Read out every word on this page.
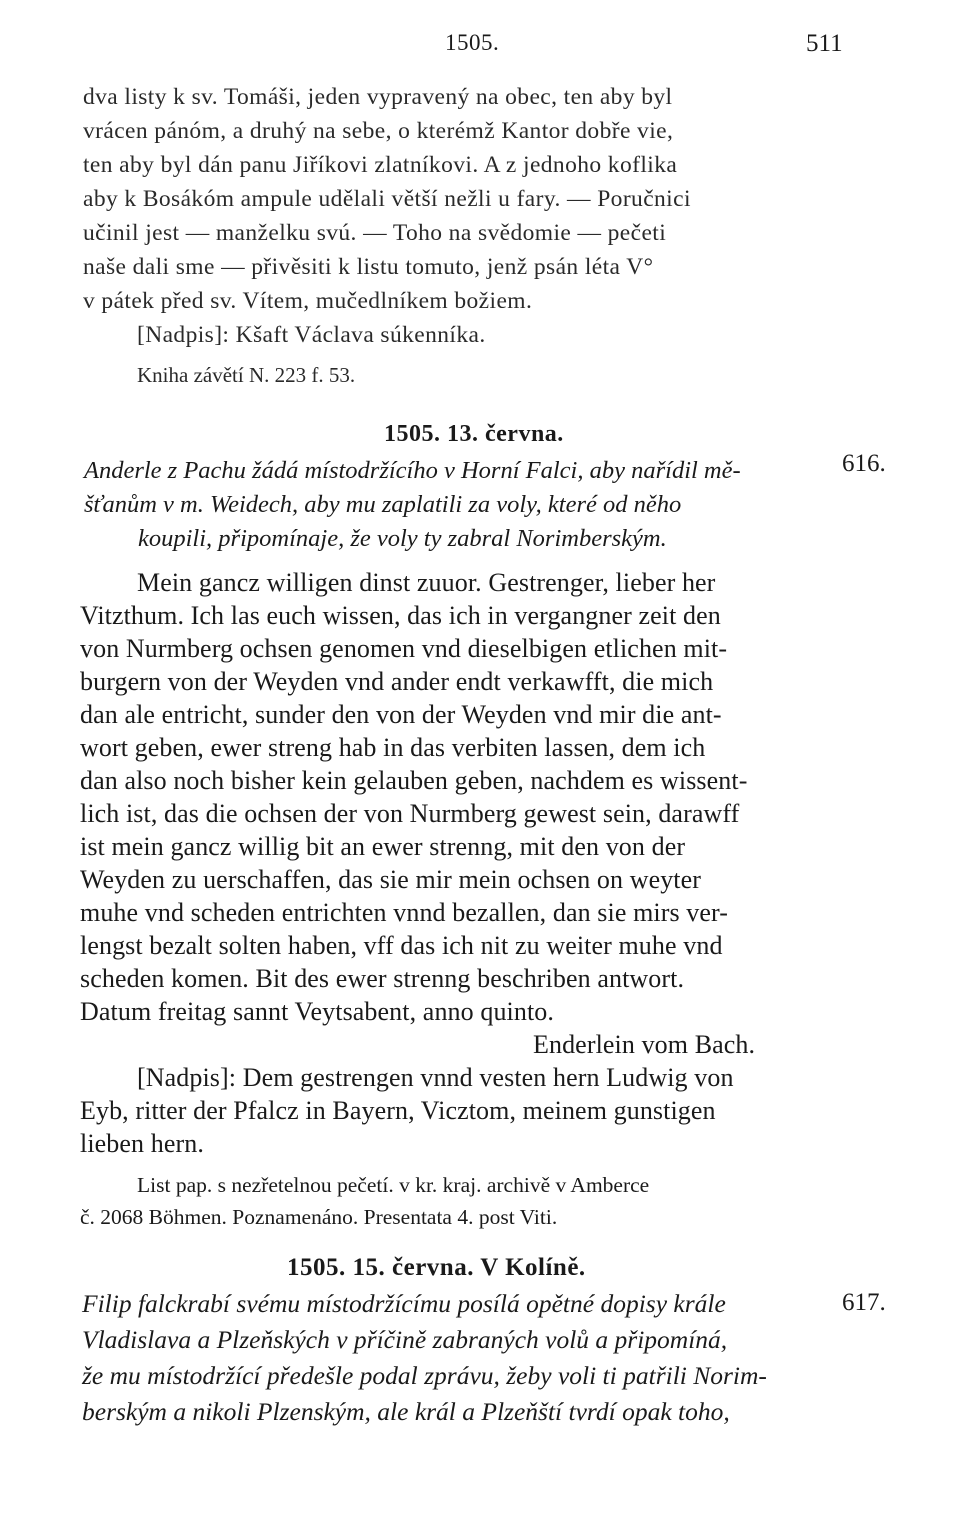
1505.	511
dva listy k sv. Tomáši, jeden vypravený na obec, ten aby byl
vrácen pánóm, a druhý na sebe, o kterémž Kantor dobře vie,
ten aby byl dán panu Jiříkovi zlatníkovi. A z jednoho koflika
aby k Bosákóm ampule udělali větší nežli u fary. — Poručnici
učinil jest — manželku svú. — Toho na svědomie — pečeti
naše dali sme — přivěsiti k listu tomuto, jenž psán léta V°
v pátek před sv. Vítem, mučedlníkem božiem.
[Nadpis]: Kšaft Václava súkenníka.
Kniha závětí N. 223 f. 53.
1505. 13. června.
616.
Anderle z Pachu žádá místodržícího v Horní Falci, aby nařídil mě-
šťanům v m. Weidech, aby mu zaplatili za voly, které od něho
koupili, připomínaje, že voly ty zabral Norimberským.
Mein gancz willigen dinst zuuor. Gestrenger, lieber her
Vitzthum. Ich las euch wissen, das ich in vergangner zeit den
von Nurmberg ochsen genomen vnd dieselbigen etlichen mit-
burgern von der Weyden vnd ander endt verkawfft, die mich
dan ale entricht, sunder den von der Weyden vnd mir die ant-
wort geben, ewer streng hab in das verbiten lassen, dem ich
dan also noch bisher kein gelauben geben, nachdem es wissent-
lich ist, das die ochsen der von Nurmberg gewest sein, darawff
ist mein gancz willig bit an ewer strenng, mit den von der
Weyden zu uerschaffen, das sie mir mein ochsen on weyter
muhe vnd scheden entrichten vnnd bezallen, dan sie mirs ver-
lengst bezalt solten haben, vff das ich nit zu weiter muhe vnd
scheden komen. Bit des ewer strenng beschriben antwort.
Datum freitag sannt Veytsabent, anno quinto.
Enderlein vom Bach.
[Nadpis]: Dem gestrengen vnnd vesten hern Ludwig von
Eyb, ritter der Pfalcz in Bayern, Vicztom, meinem gunstigen
lieben hern.
List pap. s nezřetelnou pečetí. v kr. kraj. archivě v Amberce
č. 2068 Böhmen. Poznamenáno. Presentata 4. post Viti.
1505. 15. června. V Kolíně.
617.
Filip falckrabí svému místodržícímu posílá opětné dopisy krále
Vladislava a Plzeňských v příčině zabraných volů a připomíná,
že mu místodržící předešle podal zprávu, žeby voli ti patřili Norim-
berským a nikoli Plzenským, ale král a Plzeňští tvrdí opak toho,
